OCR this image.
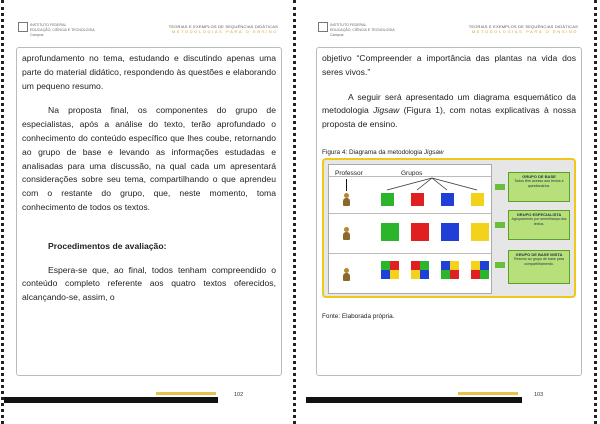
INSTITUTO FEDERAL
EDUCAÇÃO, CIÊNCIA E TECNOLOGIA
Campus
TEORIAS E EXEMPLOS DE SEQUÊNCIAS DIDÁTICAS
METODOLOGIAS PARA O ENSINO

aprofundamento no tema, estudando e discutindo apenas uma parte do material didático, respondendo às questões e elaborando um pequeno resumo.

Na proposta final, os componentes do grupo de especialistas, após a análise do texto, terão aprofundado o conhecimento do conteúdo específico que lhes coube, retornando ao grupo de base e levando as informações estudadas e analisadas para uma discussão, na qual cada um apresentará considerações sobre seu tema, compartilhando o que aprendeu com o restante do grupo, que, neste momento, toma conhecimento de todos os textos.

Procedimentos de avaliação:

Espera-se que, ao final, todos tenham compreendido o conteúdo completo referente aos quatro textos oferecidos, alcançando-se, assim, o

102
INSTITUTO FEDERAL
EDUCAÇÃO, CIÊNCIA E TECNOLOGIA
Campus
TEORIAS E EXEMPLOS DE SEQUÊNCIAS DIDÁTICAS
METODOLOGIAS PARA O ENSINO

objetivo “Compreender a importância das plantas na vida dos seres vivos.”

A seguir será apresentado um diagrama esquemático da metodologia Jigsaw (Figura 1), com notas explicativas à nossa proposta de ensino.

Figura 4: Diagrama da metodologia Jigsaw

Professor	Grupos	GRUPO DE BASE
Todos têm acesso aos textos e questionários.
GRUPO ESPECIALISTA
Agrupamento por semelhança dos textos.
GRUPO DE BASE MISTA
Retorno ao grupo de base para compartilhamento.

Fonte: Elaborada própria.

103
